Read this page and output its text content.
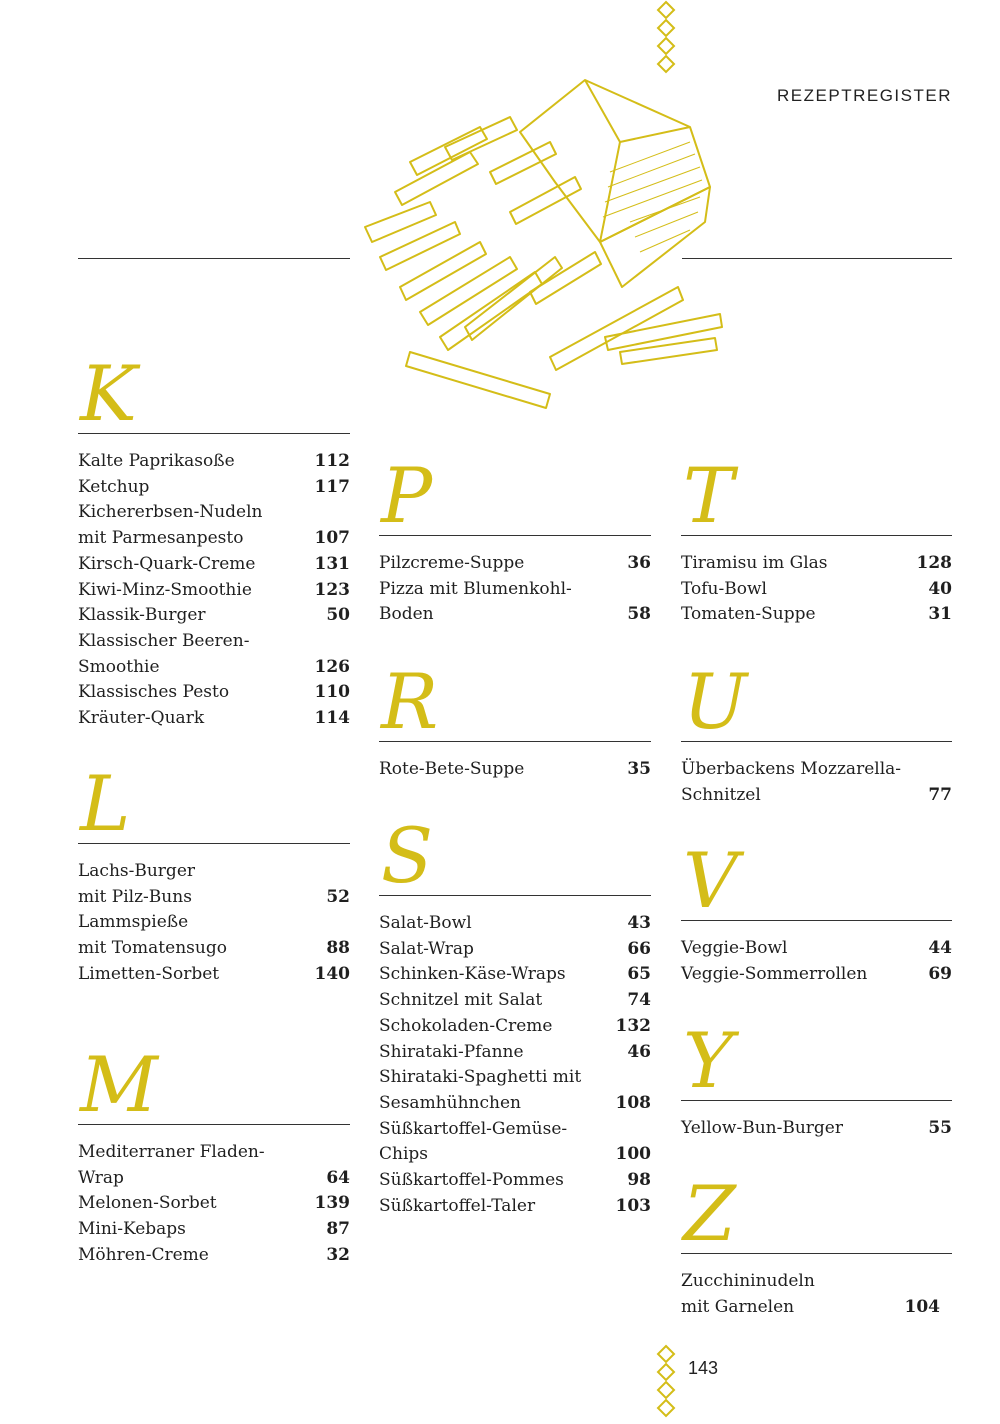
REZEPTREGISTER
143
K
Kalte Paprikasoße	112
Ketchup	117
Kichererbsen-Nudeln
mit Parmesanpesto	107
Kirsch-Quark-Creme	131
Kiwi-Minz-Smoothie	123
Klassik-Burger	50
Klassischer Beeren-
Smoothie	126
Klassisches Pesto	110
Kräuter-Quark	114
L
Lachs-Burger
mit Pilz-Buns	52
Lammspieße
mit Tomatensugo	88
Limetten-Sorbet	140
M
Mediterraner Fladen-
Wrap	64
Melonen-Sorbet	139
Mini-Kebaps	87
Möhren-Creme	32
P
Pilzcreme-Suppe	36
Pizza mit Blumenkohl-
Boden	58
R
Rote-Bete-Suppe	35
S
Salat-Bowl	43
Salat-Wrap	66
Schinken-Käse-Wraps	65
Schnitzel mit Salat	74
Schokoladen-Creme	132
Shirataki-Pfanne	46
Shirataki-Spaghetti mit
Sesamhühnchen	108
Süßkartoffel-Gemüse-
Chips	100
Süßkartoffel-Pommes	98
Süßkartoffel-Taler	103
T
Tiramisu im Glas	128
Tofu-Bowl	40
Tomaten-Suppe	31
U
Überbackens Mozzarella-
Schnitzel	77
V
Veggie-Bowl	44
Veggie-Sommerrollen	69
Y
Yellow-Bun-Burger	55
Z
Zucchininudeln
mit Garnelen	104
